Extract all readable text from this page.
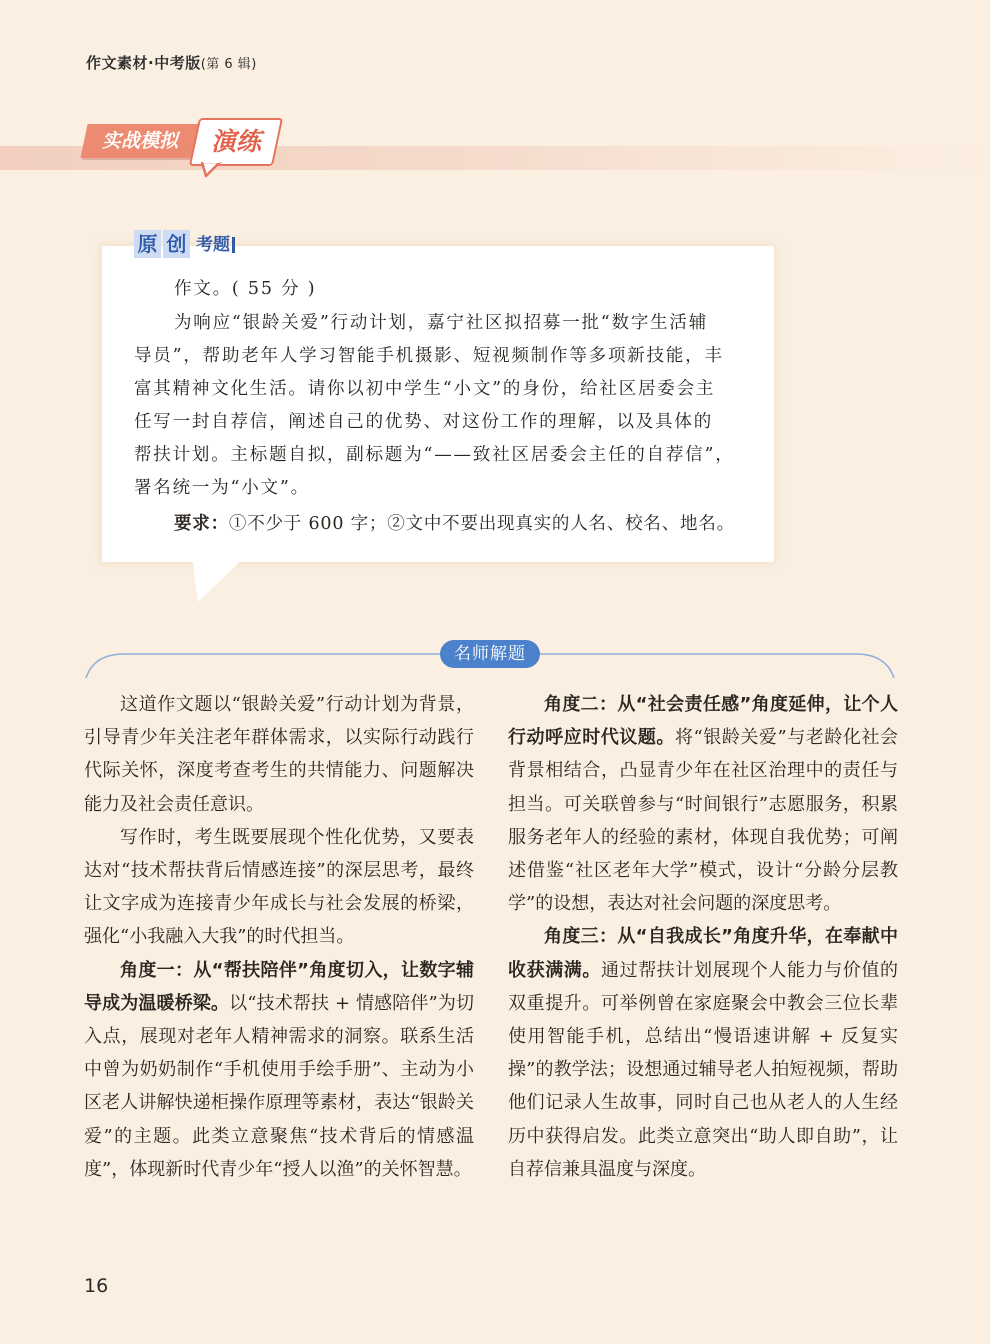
作文素材·中考版(第 6 辑)
实战模拟	演练
原 创 考题
作文。( 55 分 )
为响应“银龄关爱”行动计划，嘉宁社区拟招募一批“数字生活辅
导员”，帮助老年人学习智能手机摄影、短视频制作等多项新技能，丰
富其精神文化生活。请你以初中学生“小文”的身份，给社区居委会主
任写一封自荐信，阐述自己的优势、对这份工作的理解，以及具体的
帮扶计划。主标题自拟，副标题为“——致社区居委会主任的自荐信”，
署名统一为“小文”。
要求：①不少于 600 字；②文中不要出现真实的人名、校名、地名。
名师解题

这道作文题以“银龄关爱”行动计划为背景，引导青少年关注老年群体需求，以实际行动践行代际关怀，深度考查考生的共情能力、问题解决能力及社会责任意识。

写作时，考生既要展现个性化优势，又要表达对“技术帮扶背后情感连接”的深层思考，最终让文字成为连接青少年成长与社会发展的桥梁，强化“小我融入大我”的时代担当。

角度一：从“帮扶陪伴”角度切入，让数字辅导成为温暖桥梁。以“技术帮扶 + 情感陪伴”为切入点，展现对老年人精神需求的洞察。联系生活中曾为奶奶制作“手机使用手绘手册”、主动为小区老人讲解快递柜操作原理等素材，表达“银龄关爱”的主题。此类立意聚焦“技术背后的情感温度”，体现新时代青少年“授人以渔”的关怀智慧。

角度二：从“社会责任感”角度延伸，让个人行动呼应时代议题。将“银龄关爱”与老龄化社会背景相结合，凸显青少年在社区治理中的责任与担当。可关联曾参与“时间银行”志愿服务，积累服务老年人的经验的素材，体现自我优势；可阐述借鉴“社区老年大学”模式，设计“分龄分层教学”的设想，表达对社会问题的深度思考。

角度三：从“自我成长”角度升华，在奉献中收获满满。通过帮扶计划展现个人能力与价值的双重提升。可举例曾在家庭聚会中教会三位长辈使用智能手机，总结出“慢语速讲解 + 反复实操”的教学法；设想通过辅导老人拍短视频，帮助他们记录人生故事，同时自己也从老人的人生经历中获得启发。此类立意突出“助人即自助”，让自荐信兼具温度与深度。

16
